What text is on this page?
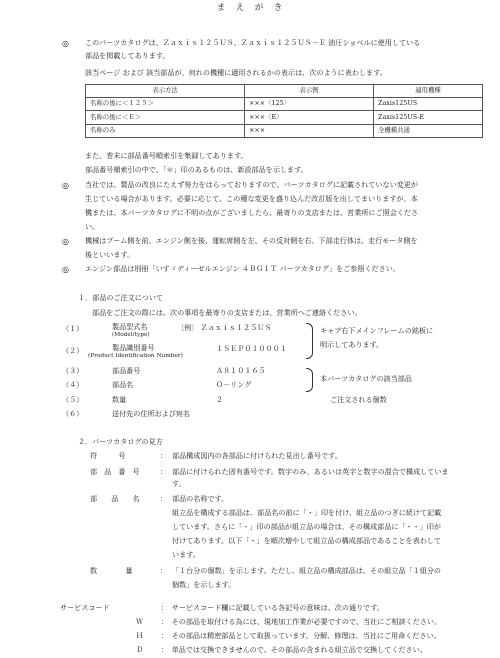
ま　え　が　き
◎ このパーツカタログは、Ｚａｘｉｓ１２５ＵＳ、Ｚａｘｉｓ１２５ＵＳ－Ｅ 油圧ショベルに使用している
部品を掲載してあります。
該当ページ および 該当部品が、何れの機種に適用されるかの表示は、次のように表わします。
表示方法	表示例	適用機種
名称の後に＜１２５＞	×××〈125〉	Zaxis125US
名称の後に＜Ｅ＞	×××〈E〉	Zaxis125US-E
名称のみ	×××	全機種共通
また、巻末に部品番号順索引を集録してあります。
部品番号順索引の中で、「＊」印のあるものは、新設部品を示します。
◎ 当社では、製品の改良にたえず努力をはらっておりますので、パーツカタログに記載されていない変更が
生じている場合があります。必要に応じて、この種な変更を盛り込んだ改訂版を出してまいりますが、本
機または、本パーツカタログに不明の点がございましたら、最寄りの支店または、営業所にご照会くださ
い。
◎ 機械はブーム側を前、エンジン側を後、運転席側を左、その反対側を右、下部走行体は、走行モータ側を
後といいます。
◎ エンジン部品は別冊「いすゞディーゼルエンジン ４ＢＧ１Ｔ パーツカタログ」をご参照ください。
１．部品のご注文について
部品をご注文の際には、次の事項を最寄りの支店または、営業所へご連絡ください。
（１）	製品型式名
(Model/type)
〔例〕 Ｚａｘｉｓ１２５ＵＳ
（２）	製品識別番号
(Product Identification Number)
１ＳＥＰ０１０００１
キャブ右下メインフレームの銘板に
明示してあります。
（３）	部品番号	Ａ８１０１６５
（４）	部品名	Ｏ－リング
本パーツカタログの該当部品
（５）	数量	２	ご注文される個数
（６）	送付先の住所および宛名
２．パーツカタログの見方
符　　　号	： 部品構成図内の各部品に付けられた見出し番号です。
部　品　番　号	： 部品に付けられた固有番号です。数字のみ、あるいは英字と数字の混合で構成していま
す。
部　　品　　名	： 部品の名称です。
組立品を構成する部品は、部品名の前に「・」印を付け、組立品のつぎに続けて記載
しています。さらに「・」印の部品が組立品の場合は、その構成部品に「・・」印が
付けてあります。以下「・」を順次増やして組立品の構成部品であることを表わして
います。
数　　　　量	： 「１台分の個数」を示します。ただし、組立品の構成部品は、その組立品「１組分の
個数」を示します。
サービスコード	：　サービスコード欄に記載している各記号の意味は、次の通りです。
Ｗ	：　その部品を取付ける為には、現地加工作業が必要ですので、当社にご相談ください。
Ｈ	：　その部品は精密部品として取扱っています。分解、修理は、当社にご用命ください。
Ｄ	：　単品では交換できませんので、その部品の含まれる組立品で交換してください。
